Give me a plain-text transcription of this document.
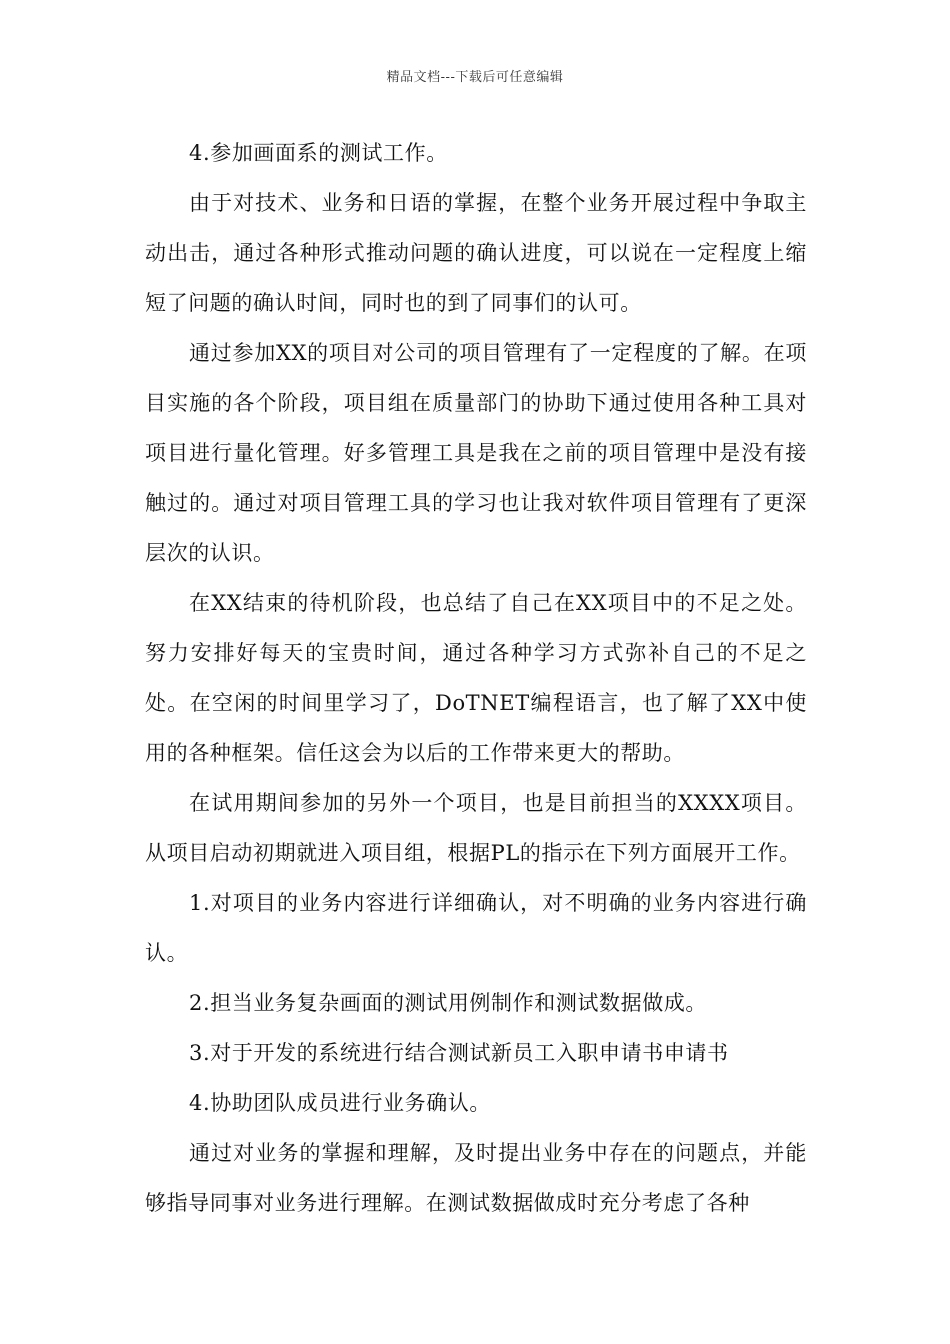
精品文档---下载后可任意编辑

4.参加画面系的测试工作。

由于对技术、业务和日语的掌握，在整个业务开展过程中争取主动出击，通过各种形式推动问题的确认进度，可以说在一定程度上缩短了问题的确认时间，同时也的到了同事们的认可。

通过参加XX的项目对公司的项目管理有了一定程度的了解。在项目实施的各个阶段，项目组在质量部门的协助下通过使用各种工具对项目进行量化管理。好多管理工具是我在之前的项目管理中是没有接触过的。通过对项目管理工具的学习也让我对软件项目管理有了更深层次的认识。

在XX结束的待机阶段，也总结了自己在XX项目中的不足之处。努力安排好每天的宝贵时间，通过各种学习方式弥补自己的不足之处。在空闲的时间里学习了，DoTNET编程语言，也了解了XX中使用的各种框架。信任这会为以后的工作带来更大的帮助。

在试用期间参加的另外一个项目，也是目前担当的XXXX项目。从项目启动初期就进入项目组，根据PL的指示在下列方面展开工作。

1.对项目的业务内容进行详细确认，对不明确的业务内容进行确认。

2.担当业务复杂画面的测试用例制作和测试数据做成。

3.对于开发的系统进行结合测试新员工入职申请书申请书

4.协助团队成员进行业务确认。

通过对业务的掌握和理解，及时提出业务中存在的问题点，并能够指导同事对业务进行理解。在测试数据做成时充分考虑了各种
